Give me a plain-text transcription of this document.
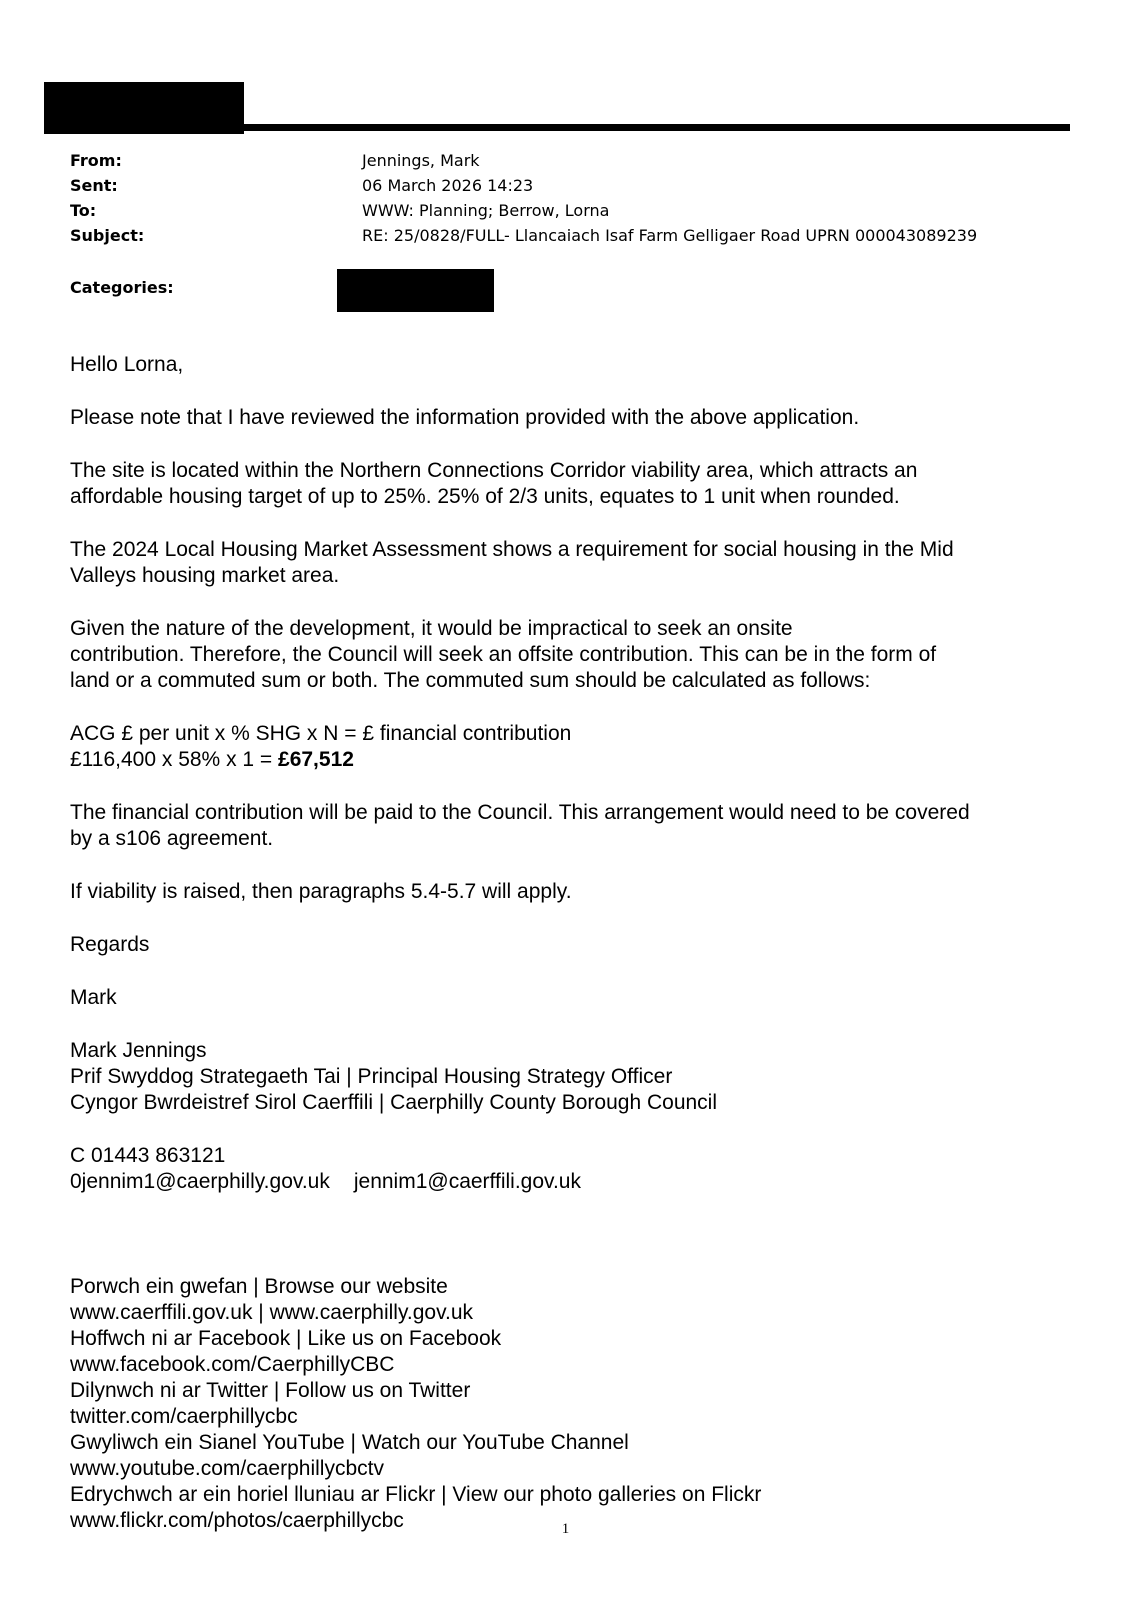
From:	Jennings, Mark
Sent:	06 March 2026 14:23
To:	WWW: Planning; Berrow, Lorna
Subject:	RE: 25/0828/FULL- Llancaiach Isaf Farm Gelligaer Road UPRN 000043089239
Categories:

Hello Lorna,

Please note that I have reviewed the information provided with the above application.

The site is located within the Northern Connections Corridor viability area, which attracts an
affordable housing target of up to 25%. 25% of 2/3 units, equates to 1 unit when rounded.

The 2024 Local Housing Market Assessment shows a requirement for social housing in the Mid
Valleys housing market area.

Given the nature of the development, it would be impractical to seek an onsite
contribution. Therefore, the Council will seek an offsite contribution. This can be in the form of
land or a commuted sum or both. The commuted sum should be calculated as follows:

ACG £ per unit x % SHG x N = £ financial contribution
£116,400 x 58% x 1 = £67,512

The financial contribution will be paid to the Council. This arrangement would need to be covered
by a s106 agreement.

If viability is raised, then paragraphs 5.4-5.7 will apply.

Regards

Mark

Mark Jennings
Prif Swyddog Strategaeth Tai | Principal Housing Strategy Officer
Cyngor Bwrdeistref Sirol Caerffili | Caerphilly County Borough Council
C 01443 863121
0jennim1@caerphilly.gov.uk jennim1@caerffili.gov.uk
Porwch ein gwefan | Browse our website
www.caerffili.gov.uk | www.caerphilly.gov.uk
Hoffwch ni ar Facebook | Like us on Facebook
www.facebook.com/CaerphillyCBC
Dilynwch ni ar Twitter | Follow us on Twitter
twitter.com/caerphillycbc
Gwyliwch ein Sianel YouTube | Watch our YouTube Channel
www.youtube.com/caerphillycbctv
Edrychwch ar ein horiel lluniau ar Flickr | View our photo galleries on Flickr
www.flickr.com/photos/caerphillycbc	1
